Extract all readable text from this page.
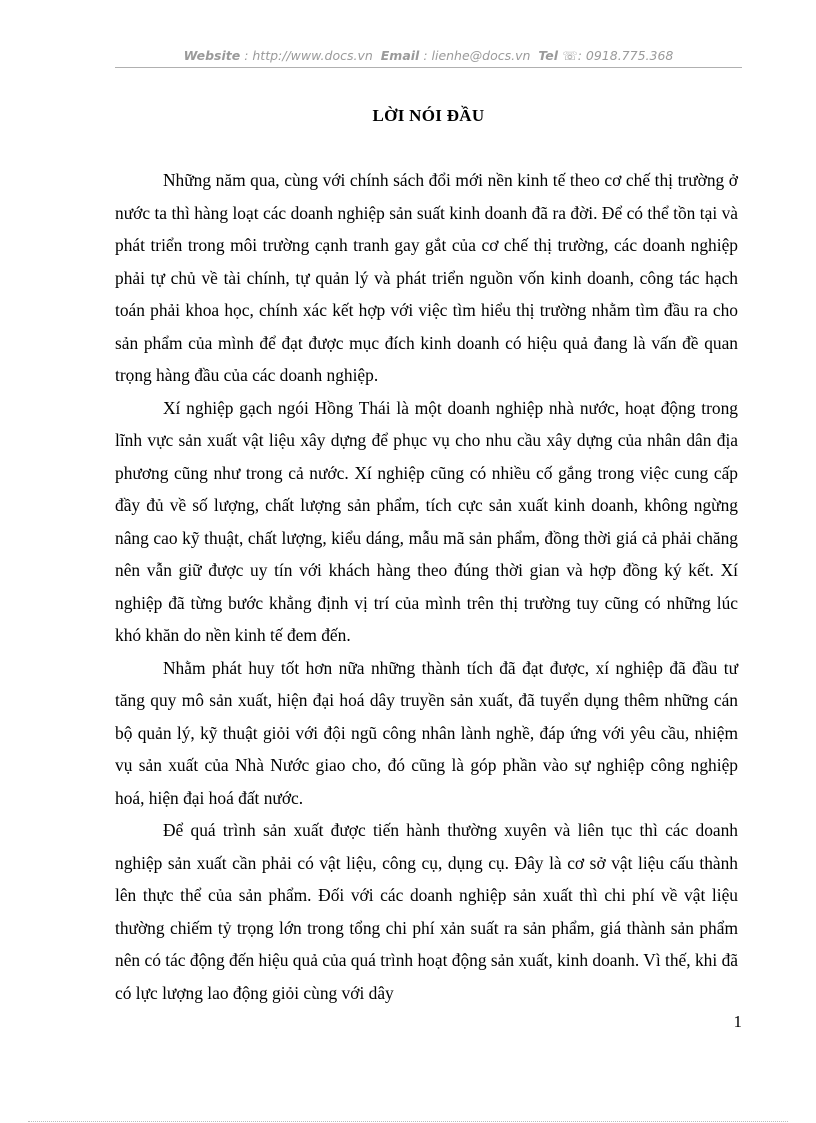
Website : http://www.docs.vn Email : lienhe@docs.vn Tel ☏: 0918.775.368
LỜI NÓI ĐẦU

Những năm qua, cùng với chính sách đổi mới nền kinh tế theo cơ chế thị trường ở nước ta thì hàng loạt các doanh nghiệp sản suất kinh doanh đã ra đời. Để có thể tồn tại và phát triển trong môi trường cạnh tranh gay gắt của cơ chế thị trường, các doanh nghiệp phải tự chủ về tài chính, tự quản lý và phát triển nguồn vốn kinh doanh, công tác hạch toán phải khoa học, chính xác kết hợp với việc tìm hiểu thị trường nhằm tìm đầu ra cho sản phẩm của mình để đạt được mục đích kinh doanh có hiệu quả đang là vấn đề quan trọng hàng đầu của các doanh nghiệp.

Xí nghiệp gạch ngói Hồng Thái là một doanh nghiệp nhà nước, hoạt động trong lĩnh vực sản xuất vật liệu xây dựng để phục vụ cho nhu cầu xây dựng của nhân dân địa phương cũng như trong cả nước. Xí nghiệp cũng có nhiều cố gắng trong việc cung cấp đầy đủ về số lượng, chất lượng sản phẩm, tích cực sản xuất kinh doanh, không ngừng nâng cao kỹ thuật, chất lượng, kiểu dáng, mẫu mã sản phẩm, đồng thời giá cả phải chăng nên vẫn giữ được uy tín với khách hàng theo đúng thời gian và hợp đồng ký kết. Xí nghiệp đã từng bước khẳng định vị trí của mình trên thị trường tuy cũng có những lúc khó khăn do nền kinh tế đem đến.

Nhằm phát huy tốt hơn nữa những thành tích đã đạt được, xí nghiệp đã đầu tư tăng quy mô sản xuất, hiện đại hoá dây truyền sản xuất, đã tuyển dụng thêm những cán bộ quản lý, kỹ thuật giỏi với đội ngũ công nhân lành nghề, đáp ứng với yêu cầu, nhiệm vụ sản xuất của Nhà Nước giao cho, đó cũng là góp phần vào sự nghiệp công nghiệp hoá, hiện đại hoá đất nước.

Để quá trình sản xuất được tiến hành thường xuyên và liên tục thì các doanh nghiệp sản xuất cần phải có vật liệu, công cụ, dụng cụ. Đây là cơ sở vật liệu cấu thành lên thực thể của sản phẩm. Đối với các doanh nghiệp sản xuất thì chi phí về vật liệu thường chiếm tỷ trọng lớn trong tổng chi phí xản suất ra sản phẩm, giá thành sản phẩm nên có tác động đến hiệu quả của quá trình hoạt động sản xuất, kinh doanh. Vì thế, khi đã có lực lượng lao động giỏi cùng với dây

1
